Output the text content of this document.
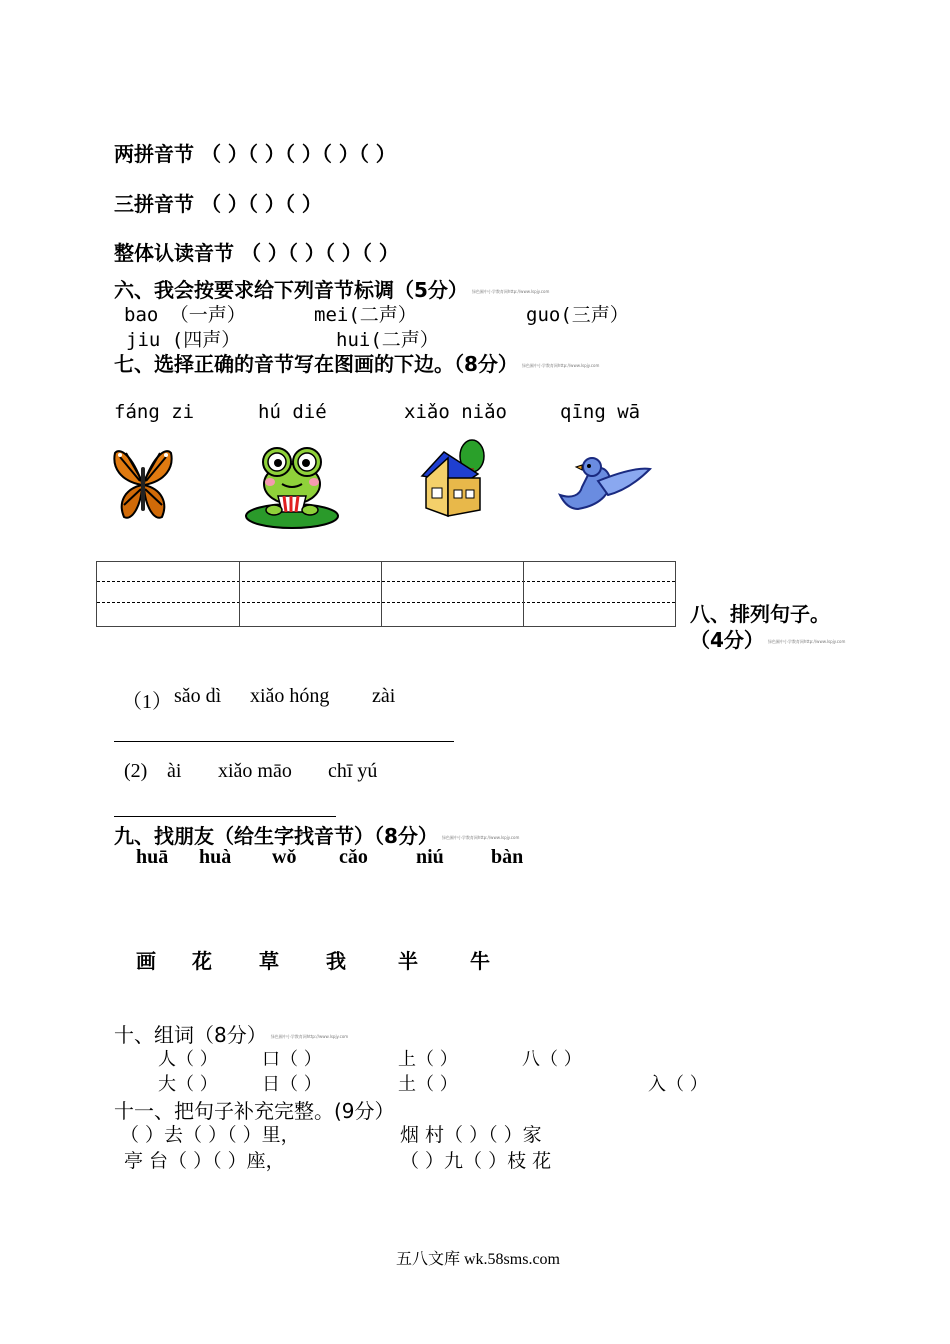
两拼音节 （ ）（ ）（ ）（ ）（ ）
三拼音节 （ ）（ ）（ ）
整体认读音节 （ ）（ ）（ ）（ ）
六、我会按要求给下列音节标调（5分） 绿色圃中小学教育网http://www.lspjy.com
bao （一声）	mei(二声）	guo(三声）
jiu (四声）	hui(二声）
七、选择正确的音节写在图画的下边。（8分） 绿色圃中小学教育网http://www.lspjy.com
fáng zi	hú dié	xiǎo niǎo	qīng wā
八、排列句子。
（4分） 绿色圃中小学教育网http://www.lspjy.com
（1） sǎo dì xiǎo hóng zài
(2) ài xiǎo māo chī yú
九、找朋友（给生字找音节）（8分） 绿色圃中小学教育网http://www.lspjy.com
huā huà wǒ cǎo niú bàn
画 花 草 我	半	牛
十、组词（8分） 绿色圃中小学教育网http://www.lspjy.com
人（ ） 口（ ）	上（ ）	八（ ）
大（ ） 日（ ）	土（ ）	入（ ）
十一、把句子补充完整。(9分）
（ ）去（ ）（ ）里，	烟 村（ ）（ ）家
亭 台（ ）（ ）座，	（ ）九（ ）枝 花
五八文库 wk.58sms.com
